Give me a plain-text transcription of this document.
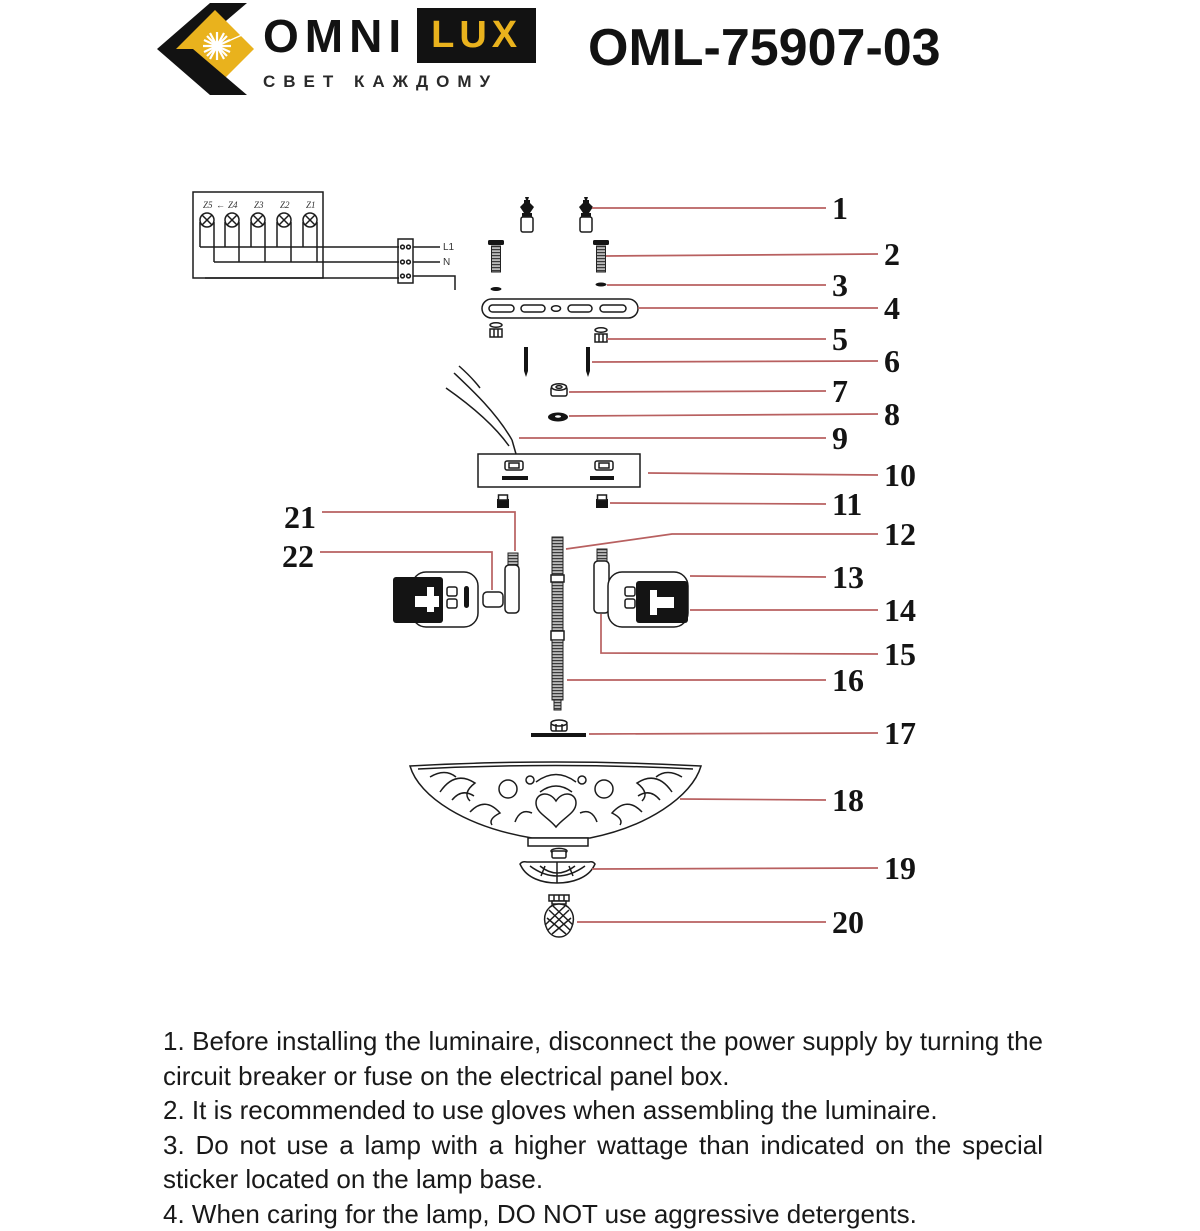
OMNI LUX
СВЕТ КАЖДОМУ
OML-75907-03
Z5 ← Z4 Z3 Z2 Z1
L1
N
1
2
3
4
5
6
7
8
9
10
11
12
13
14
15
16
17
18
19
20
21
22

1. Before installing the luminaire, disconnect the power supply by turning the circuit breaker or fuse on the electrical panel box.

2. It is recommended to use gloves when assembling the luminaire.

3. Do not use a lamp with a higher wattage than indicated on the special sticker located on the lamp base.

4. When caring for the lamp, DO NOT use aggressive detergents.
